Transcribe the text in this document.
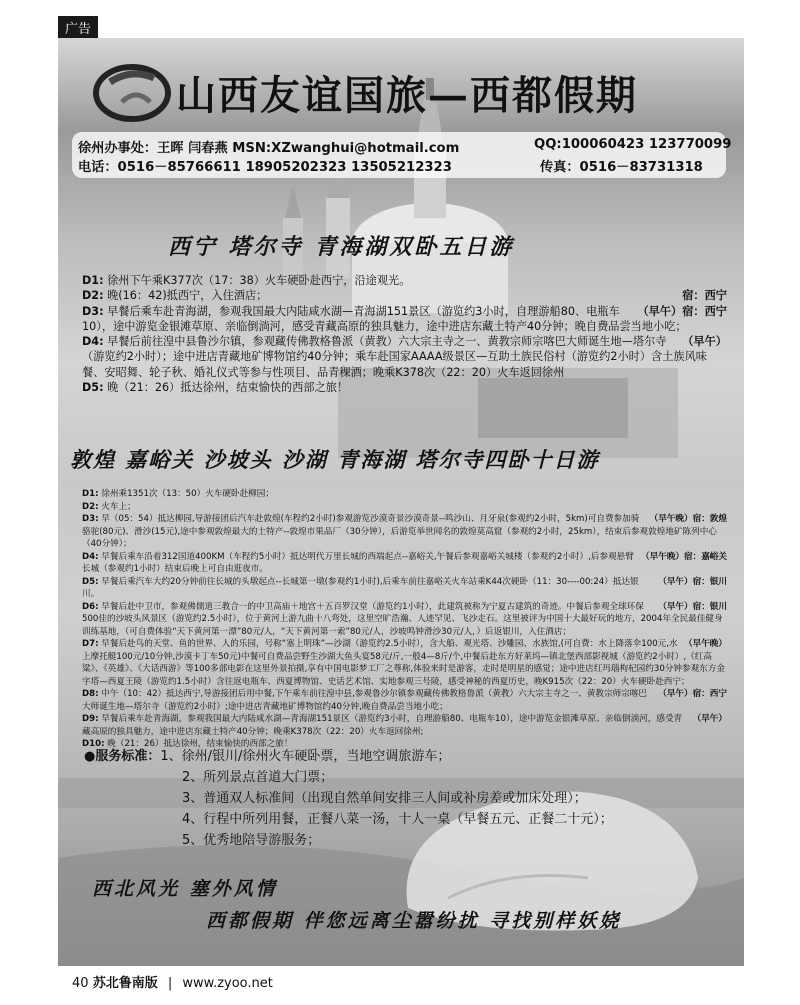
广告
山西友谊国旅—西都假期
徐州办事处：王晖 闫春燕 MSN:XZwanghui@hotmail.com	QQ:100060423 123770099
电话：0516－85766611 18905202323 13505212323	传真：0516－83731318
西宁 塔尔寺 青海湖双卧五日游
D1: 徐州下午乘K377次（17：38）火车硬卧赴西宁，沿途观光。
宿：西宁
D2: 晚(16：42)抵西宁，入住酒店；
（早午）宿：西宁
D3: 早餐后乘车赴青海湖，参观我国最大内陆咸水湖—青海湖151景区（游览约3小时，自理游船80、电瓶车10），途中游览金银滩草原、亲临倒淌河，感受青藏高原的独具魅力，途中进店东藏土特产40分钟；晚自费品尝当地小吃；
（早午）
D4: 早餐后前往湟中县鲁沙尔镇，参观藏传佛教格鲁派（黄教）六大宗主寺之一、黄教宗师宗喀巴大师诞生地—塔尔寺（游览约2小时）；途中进店青藏地矿博物馆约40分钟；乘车赴国家AAAA级景区—互助土族民俗村（游览约2小时）含土族风味餐、安昭舞、轮子秋、婚礼仪式等参与性项目、品青稞酒；晚乘K378次（22：20）火车返回徐州
D5: 晚（21：26）抵达徐州，结束愉快的西部之旅！
敦煌 嘉峪关 沙坡头 沙湖 青海湖 塔尔寺四卧十日游
D1: 徐州乘1351次（13：50）火车硬卧赴柳园；
D2: 火车上；
（早午晚）宿：敦煌
D3: 早（05：54）抵达柳园,导游接团后汽车赴敦煌(车程约2小时)参观游览沙漠奇景沙漠奇景--鸣沙山、月牙泉(参观约2小时，5km)可自费参加骑骆驼(80元)、滑沙(15元),途中参观敦煌最大的土特产--敦煌市果品厂（30分钟），后游览举世闻名的敦煌莫高窟（参观约2小时，25km），结束后参观敦煌地矿陈列中心（40分钟）；
（早午晚）宿：嘉峪关
D4: 早餐后乘车沿着312国道400KM（车程约5小时）抵达明代万里长城的西端起点--嘉峪关,午餐后参观嘉峪关城楼（参观约2小时）,后参观悬臂长城（参观约1小时）结束后晚上可自由逛夜市。
（早午）宿：银川
D5: 早餐后乘汽车大约20分钟前往长城的头墩起点--长城第一墩(参观约1小时),后乘车前往嘉峪关火车站乘K44次硬卧（11：30----00:24）抵达银川。
（早午）宿：银川
D6: 早餐后赴中卫市，参观佛儒道三教合一的中卫高庙＋地宫＋五百罗汉堂（游览约1小时），此建筑被称为宁夏古建筑的奇迹。中餐后参观全球环保500佳的沙坡头风景区（游览约2.5小时），位于黄河上游九曲十八弯处，这里空旷浩瀚、人迹罕见、飞沙走石。这里被评为中国十大最好玩的地方，2004年全民最佳健身训练基地，（可自费体验“天下黄河第一漂”80元/人，“天下黄河第一索”80元/人，沙坡鸣钟滑沙30元/人，）后返银川，入住酒店；
（早午晚）
D7: 早餐后赴鸟的天堂、鱼的世界、人的乐园，号称“塞上明珠”—沙湖（游览约2.5小时），含大船、观光塔、沙雕园、水族馆,(可自费：水上降落伞100元,水上摩托艇100元/10分钟,沙漠卡丁车50元)中餐可自费品尝野生沙湖大鱼头宴58元/斤,一般4—8斤/个,中餐后赴东方好莱坞—镇北堡西部影视城（游览约2小时）,《红高粱》、《英雄》、《大话西游》等100多部电影在这里外景拍摄,享有中国电影梦工厂之尊称,体验来时是游客，走时是明星的感觉；途中进店红玛瑙枸杞园约30分钟参观东方金字塔—西夏王陵（游览约1.5小时）含往返电瓶车、西夏博物馆、史话艺术馆、实地参观三号陵，感受神秘的西夏历史，晚K915次（22：20）火车硬卧赴西宁；
（早午）宿：西宁
D8: 中午（10：42）抵达西宁,导游接团后用中餐,下午乘车前往湟中县,参观鲁沙尔镇参观藏传佛教格鲁派（黄教）六大宗主寺之一、黄教宗师宗喀巴大师诞生地—塔尔寺（游览约2小时）;途中进店青藏地矿博物馆约40分钟,晚自费品尝当地小吃；
（早午）
D9: 早餐后乘车赴青海湖，参观我国最大内陆咸水湖—青海湖151景区（游览约3小时，自理游船80、电瓶车10），途中游览金银滩草原、亲临倒淌河，感受青藏高原的独具魅力，途中进店东藏土特产40分钟；晚乘K378次（22：20）火车返回徐州;
D10: 晚（21：26）抵达徐州，结束愉快的西部之旅！
●服务标准：1、徐州/银川/徐州火车硬卧票，当地空调旅游车；
2、所列景点首道大门票；
3、普通双人标准间（出现自然单间安排三人间或补房差或加床处理）；
4、行程中所列用餐，正餐八菜一汤，十人一桌（早餐五元、正餐二十元）；
5、优秀地陪导游服务；
西北风光 塞外风情
西都假期 伴您远离尘嚣纷扰 寻找别样妖娆
40 苏北鲁南版 | www.zyoo.net
